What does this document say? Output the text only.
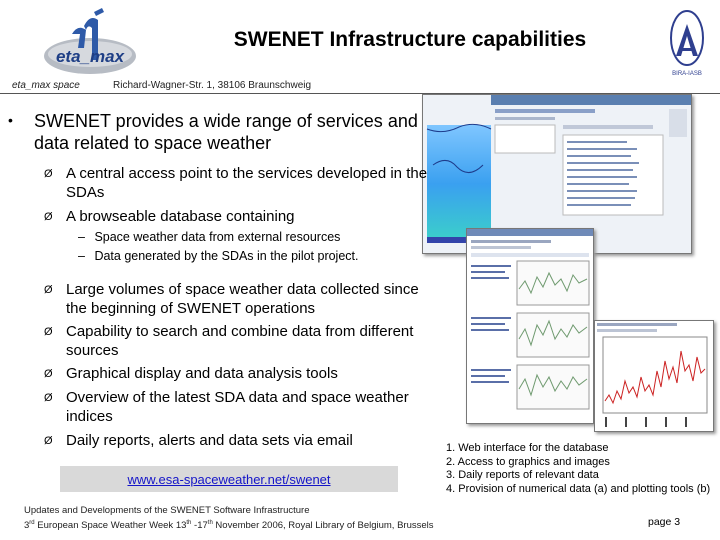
eta_max
eta_max space	Richard-Wagner-Str. 1, 38106 Braunschweig
SWENET Infrastructure capabilities
BIRA-IASB
• SWENET provides a wide range of services and data related to space weather
Ø A central access point to the services developed in the SDAs
Ø A browseable database containing
– Space weather data from external resources
– Data generated by the SDAs in the pilot project.
Ø Large volumes of space weather data collected since the beginning of SWENET operations
Ø Capability to search and combine data from different sources
Ø Graphical display and data analysis tools
Ø Overview of the latest SDA data and space weather indices
Ø Daily reports, alerts and data sets via email
www.esa-spaceweather.net/swenet
1. Web interface for the database
2. Access to graphics and images
3. Daily reports of relevant data
4. Provision of numerical data (a) and plotting tools (b)
Updates and Developments of the SWENET Software Infrastructure
3rd European Space Weather Week 13th -17th November 2006, Royal Library of Belgium, Brussels	page 3
